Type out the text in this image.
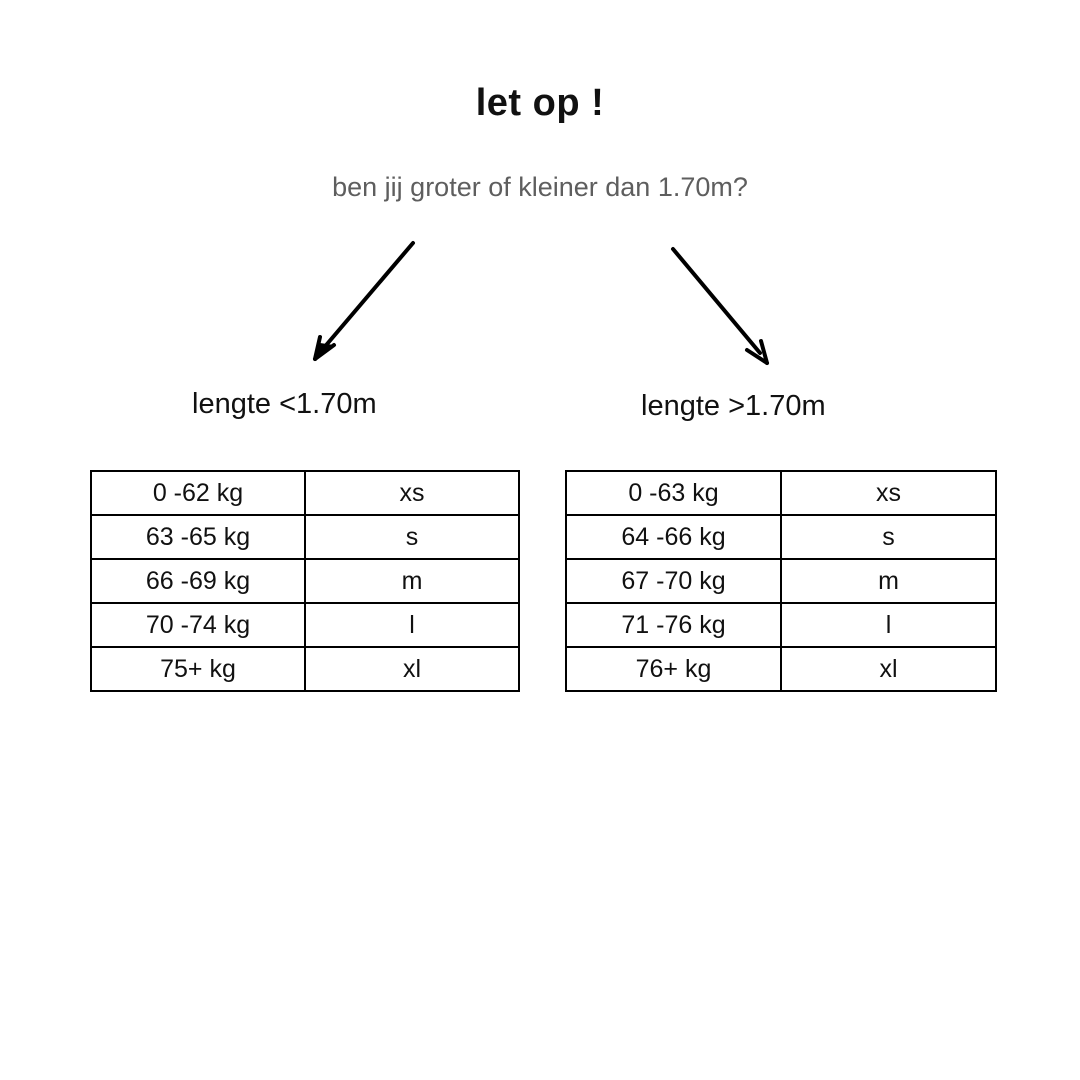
let op !
ben jij groter of kleiner dan 1.70m?
lengte <1.70m	lengte >1.70m
0 -62 kg	xs
63 -65 kg	s
66 -69 kg	m
70 -74 kg	l
75+ kg	xl
0 -63 kg	xs
64 -66 kg	s
67 -70 kg	m
71 -76 kg	l
76+ kg	xl
